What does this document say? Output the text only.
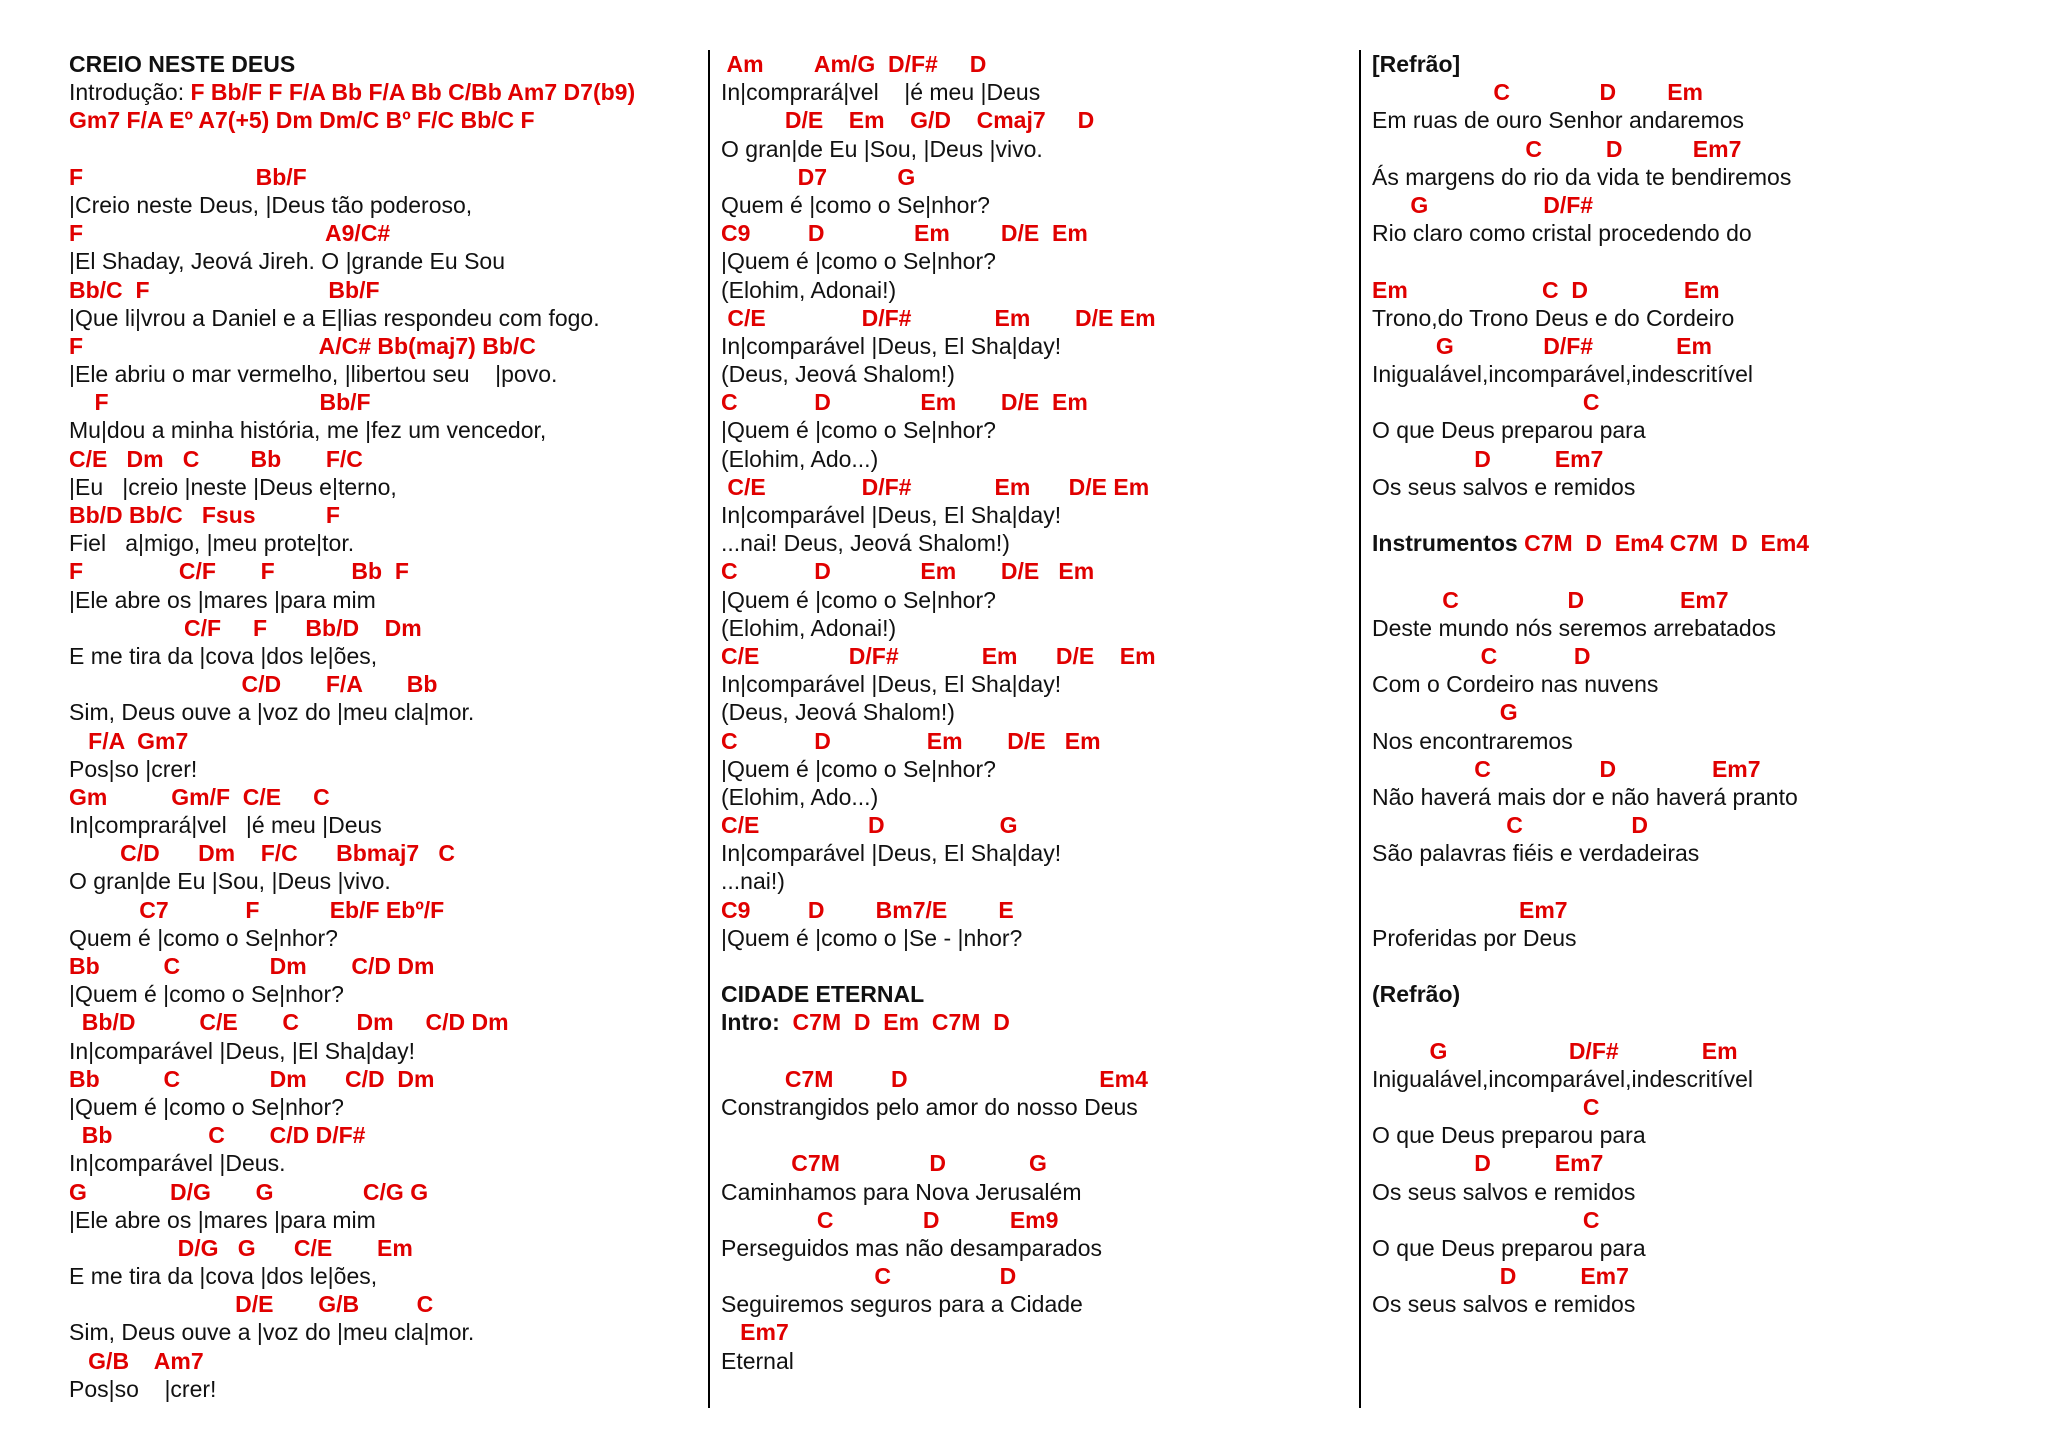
CREIO NESTE DEUS
Introdução: F Bb/F F F/A Bb F/A Bb C/Bb Am7 D7(b9)
Gm7 F/A Eº A7(+5) Dm Dm/C Bº F/C Bb/C F
F                           Bb/F
|Creio neste Deus, |Deus tão poderoso,
F                                      A9/C#
|El Shaday, Jeová Jireh. O |grande Eu Sou
Bb/C  F                            Bb/F
|Que li|vrou a Daniel e a E|lias respondeu com fogo.
F                                     A/C# Bb(maj7) Bb/C
|Ele abriu o mar vermelho, |libertou seu    |povo.
F                                 Bb/F
Mu|dou a minha história, me |fez um vencedor,
C/E   Dm   C        Bb       F/C
|Eu   |creio |neste |Deus e|terno,
Bb/D Bb/C   Fsus           F
Fiel   a|migo, |meu prote|tor.
F               C/F       F            Bb  F
|Ele abre os |mares |para mim
C/F     F      Bb/D    Dm
E me tira da |cova |dos le|ões,
C/D       F/A       Bb
Sim, Deus ouve a |voz do |meu cla|mor.
F/A  Gm7
Pos|so |crer!
Gm          Gm/F  C/E     C
In|comprará|vel   |é meu |Deus
C/D      Dm    F/C      Bbmaj7   C
O gran|de Eu |Sou, |Deus |vivo.
C7            F           Eb/F Ebº/F
Quem é |como o Se|nhor?
Bb          C              Dm       C/D Dm
|Quem é |como o Se|nhor?
Bb/D          C/E       C         Dm     C/D Dm
In|comparável |Deus, |El Sha|day!
Bb          C              Dm      C/D  Dm
|Quem é |como o Se|nhor?
Bb               C       C/D D/F#
In|comparável |Deus.
G             D/G       G              C/G G
|Ele abre os |mares |para mim
D/G   G      C/E       Em
E me tira da |cova |dos le|ões,
D/E       G/B         C
Sim, Deus ouve a |voz do |meu cla|mor.
G/B    Am7
Pos|so    |crer!
Am        Am/G  D/F#     D
In|comprará|vel    |é meu |Deus
D/E    Em    G/D    Cmaj7     D
O gran|de Eu |Sou, |Deus |vivo.
D7           G
Quem é |como o Se|nhor?
C9         D              Em        D/E  Em
|Quem é |como o Se|nhor?
(Elohim, Adonai!)
C/E               D/F#             Em       D/E Em
In|comparável |Deus, El Sha|day!
(Deus, Jeová Shalom!)
C            D              Em       D/E  Em
|Quem é |como o Se|nhor?
(Elohim, Ado...)
C/E               D/F#             Em      D/E Em
In|comparável |Deus, El Sha|day!
...nai! Deus, Jeová Shalom!)
C            D              Em       D/E   Em
|Quem é |como o Se|nhor?
(Elohim, Adonai!)
C/E              D/F#             Em      D/E    Em
In|comparável |Deus, El Sha|day!
(Deus, Jeová Shalom!)
C            D               Em       D/E   Em
|Quem é |como o Se|nhor?
(Elohim, Ado...)
C/E                 D                  G
In|comparável |Deus, El Sha|day!
...nai!)
C9         D        Bm7/E        E
|Quem é |como o |Se - |nhor?
CIDADE ETERNAL
Intro:  C7M  D  Em  C7M  D
C7M         D                              Em4
Constrangidos pelo amor do nosso Deus
C7M              D             G
Caminhamos para Nova Jerusalém
C              D           Em9
Perseguidos mas não desamparados
C                 D
Seguiremos seguros para a Cidade
Em7
Eternal
[Refrão]
C              D        Em
Em ruas de ouro Senhor andaremos
C          D           Em7
Ás margens do rio da vida te bendiremos
G                  D/F#
Rio claro como cristal procedendo do
Em                     C  D               Em
Trono,do Trono Deus e do Cordeiro
G              D/F#             Em
Inigualável,incomparável,indescritível
C
O que Deus preparou para
D          Em7
Os seus salvos e remidos
Instrumentos C7M  D  Em4 C7M  D  Em4
C                 D               Em7
Deste mundo nós seremos arrebatados
C            D
Com o Cordeiro nas nuvens
G
Nos encontraremos
C                 D               Em7
Não haverá mais dor e não haverá pranto
C                 D
São palavras fiéis e verdadeiras
Em7
Proferidas por Deus
(Refrão)
G                   D/F#             Em
Inigualável,incomparável,indescritível
C
O que Deus preparou para
D          Em7
Os seus salvos e remidos
C
O que Deus preparou para
D          Em7
Os seus salvos e remidos
